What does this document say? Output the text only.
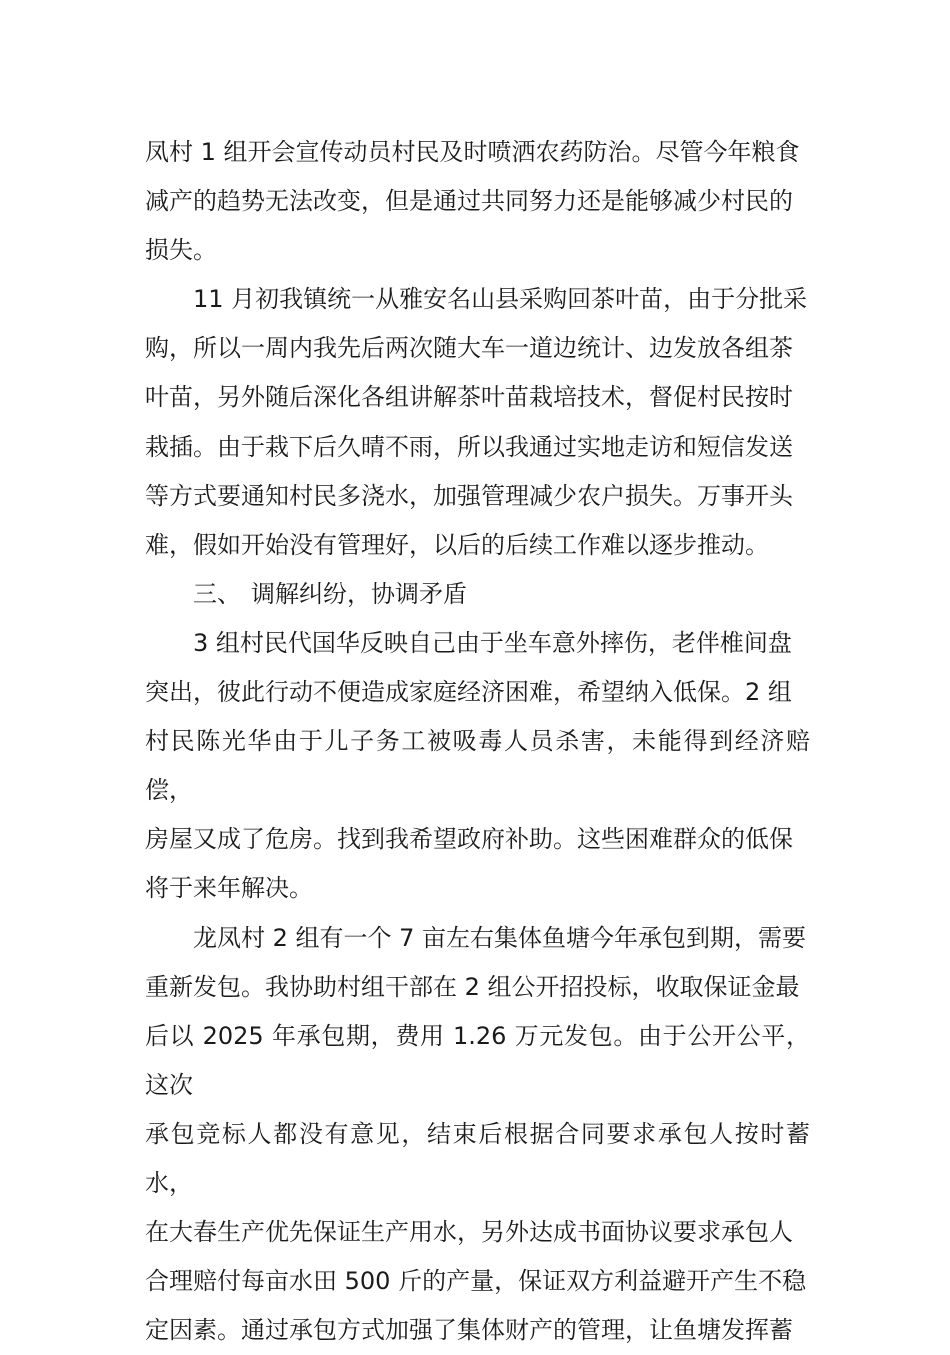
凤村 1 组开会宣传动员村民及时喷洒农药防治。尽管今年粮食
减产的趋势无法改变，但是通过共同努力还是能够减少村民的
损失。

11 月初我镇统一从雅安名山县采购回茶叶苗，由于分批采
购，所以一周内我先后两次随大车一道边统计、边发放各组茶
叶苗，另外随后深化各组讲解茶叶苗栽培技术，督促村民按时
栽插。由于栽下后久晴不雨，所以我通过实地走访和短信发送
等方式要通知村民多浇水，加强管理减少农户损失。万事开头
难，假如开始没有管理好，以后的后续工作难以逐步推动。

三、 调解纠纷，协调矛盾

3 组村民代国华反映自己由于坐车意外摔伤，老伴椎间盘
突出，彼此行动不便造成家庭经济困难，希望纳入低保。2 组
村民陈光华由于儿子务工被吸毒人员杀害，未能得到经济赔偿，
房屋又成了危房。找到我希望政府补助。这些困难群众的低保
将于来年解决。

龙凤村 2 组有一个 7 亩左右集体鱼塘今年承包到期，需要
重新发包。我协助村组干部在 2 组公开招投标，收取保证金最
后以 2025 年承包期，费用 1.26 万元发包。由于公开公平，这次
承包竞标人都没有意见，结束后根据合同要求承包人按时蓄水，
在大春生产优先保证生产用水，另外达成书面协议要求承包人
合理赔付每亩水田 500 斤的产量，保证双方利益避开产生不稳
定因素。通过承包方式加强了集体财产的管理，让鱼塘发挥蓄
